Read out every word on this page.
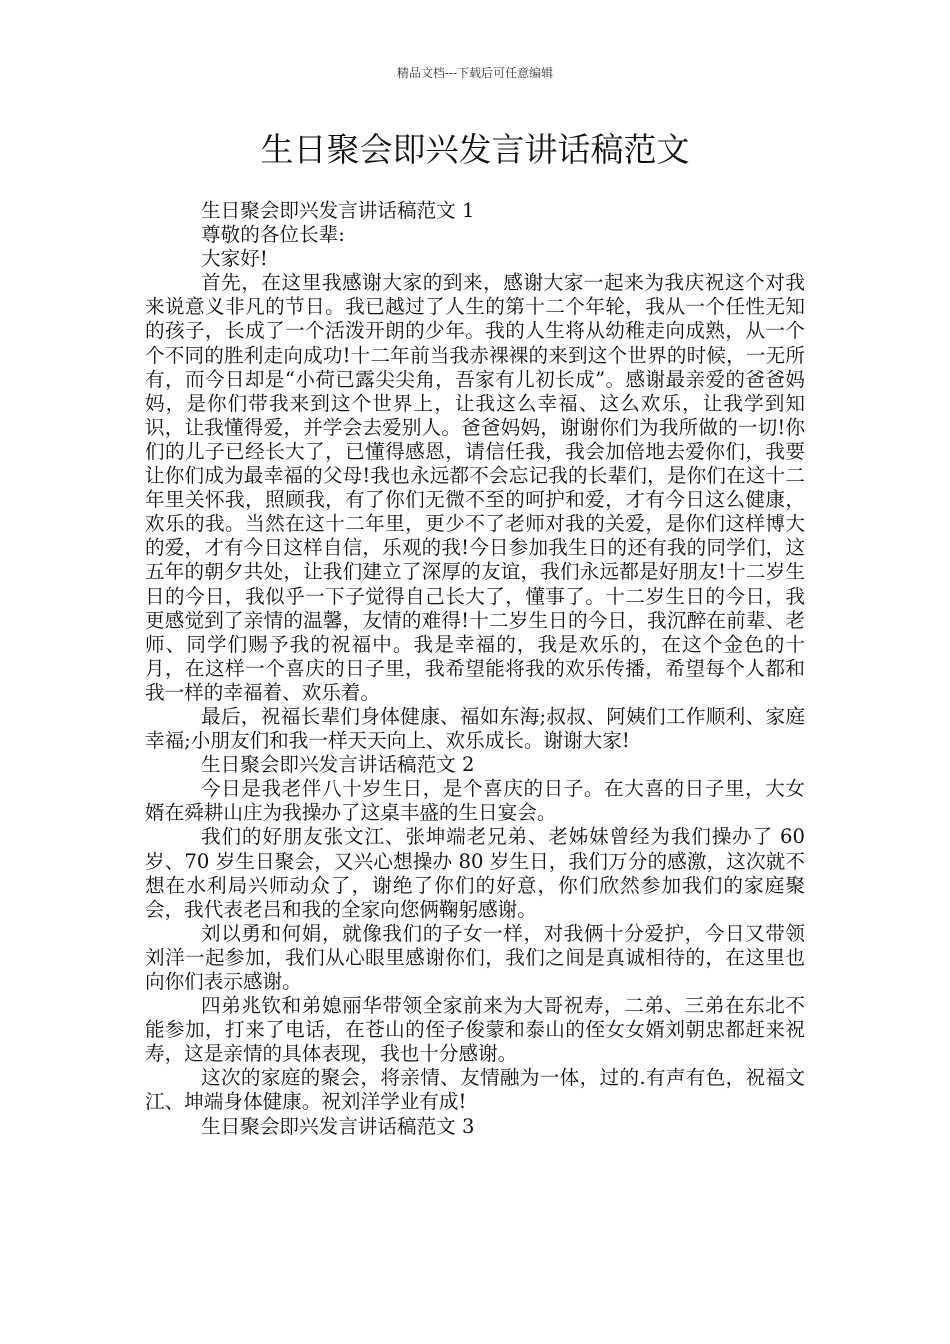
精品文档---下载后可任意编辑
生日聚会即兴发言讲话稿范文

生日聚会即兴发言讲话稿范文 1

尊敬的各位长辈:

大家好!

首先，在这里我感谢大家的到来，感谢大家一起来为我庆祝这个对我来说意义非凡的节日。我已越过了人生的第十二个年轮，我从一个任性无知的孩子，长成了一个活泼开朗的少年。我的人生将从幼稚走向成熟，从一个个不同的胜利走向成功!十二年前当我赤裸裸的来到这个世界的时候，一无所有，而今日却是“小荷已露尖尖角，吾家有儿初长成”。感谢最亲爱的爸爸妈妈，是你们带我来到这个世界上，让我这么幸福、这么欢乐，让我学到知识，让我懂得爱，并学会去爱别人。爸爸妈妈，谢谢你们为我所做的一切!你们的儿子已经长大了，已懂得感恩，请信任我，我会加倍地去爱你们，我要让你们成为最幸福的父母!我也永远都不会忘记我的长辈们，是你们在这十二年里关怀我，照顾我，有了你们无微不至的呵护和爱，才有今日这么健康，欢乐的我。当然在这十二年里，更少不了老师对我的关爱，是你们这样博大的爱，才有今日这样自信，乐观的我!今日参加我生日的还有我的同学们，这五年的朝夕共处，让我们建立了深厚的友谊，我们永远都是好朋友!十二岁生日的今日，我似乎一下子觉得自己长大了，懂事了。十二岁生日的今日，我更感觉到了亲情的温馨，友情的难得!十二岁生日的今日，我沉醉在前辈、老师、同学们赐予我的祝福中。我是幸福的，我是欢乐的，在这个金色的十月，在这样一个喜庆的日子里，我希望能将我的欢乐传播，希望每个人都和我一样的幸福着、欢乐着。

最后，祝福长辈们身体健康、福如东海;叔叔、阿姨们工作顺利、家庭幸福;小朋友们和我一样天天向上、欢乐成长。谢谢大家!

生日聚会即兴发言讲话稿范文 2

今日是我老伴八十岁生日，是个喜庆的日子。在大喜的日子里，大女婿在舜耕山庄为我操办了这桌丰盛的生日宴会。

我们的好朋友张文江、张坤端老兄弟、老姊妹曾经为我们操办了 60 岁、70 岁生日聚会，又兴心想操办 80 岁生日，我们万分的感激，这次就不想在水利局兴师动众了，谢绝了你们的好意，你们欣然参加我们的家庭聚会，我代表老吕和我的全家向您俩鞠躬感谢。

刘以勇和何娟，就像我们的子女一样，对我俩十分爱护，今日又带领刘洋一起参加，我们从心眼里感谢你们，我们之间是真诚相待的，在这里也向你们表示感谢。

四弟兆钦和弟媳丽华带领全家前来为大哥祝寿，二弟、三弟在东北不能参加，打来了电话，在苍山的侄子俊蒙和泰山的侄女女婿刘朝忠都赶来祝寿，这是亲情的具体表现，我也十分感谢。

这次的家庭的聚会，将亲情、友情融为一体，过的.有声有色，祝福文江、坤端身体健康。祝刘洋学业有成!

生日聚会即兴发言讲话稿范文 3
